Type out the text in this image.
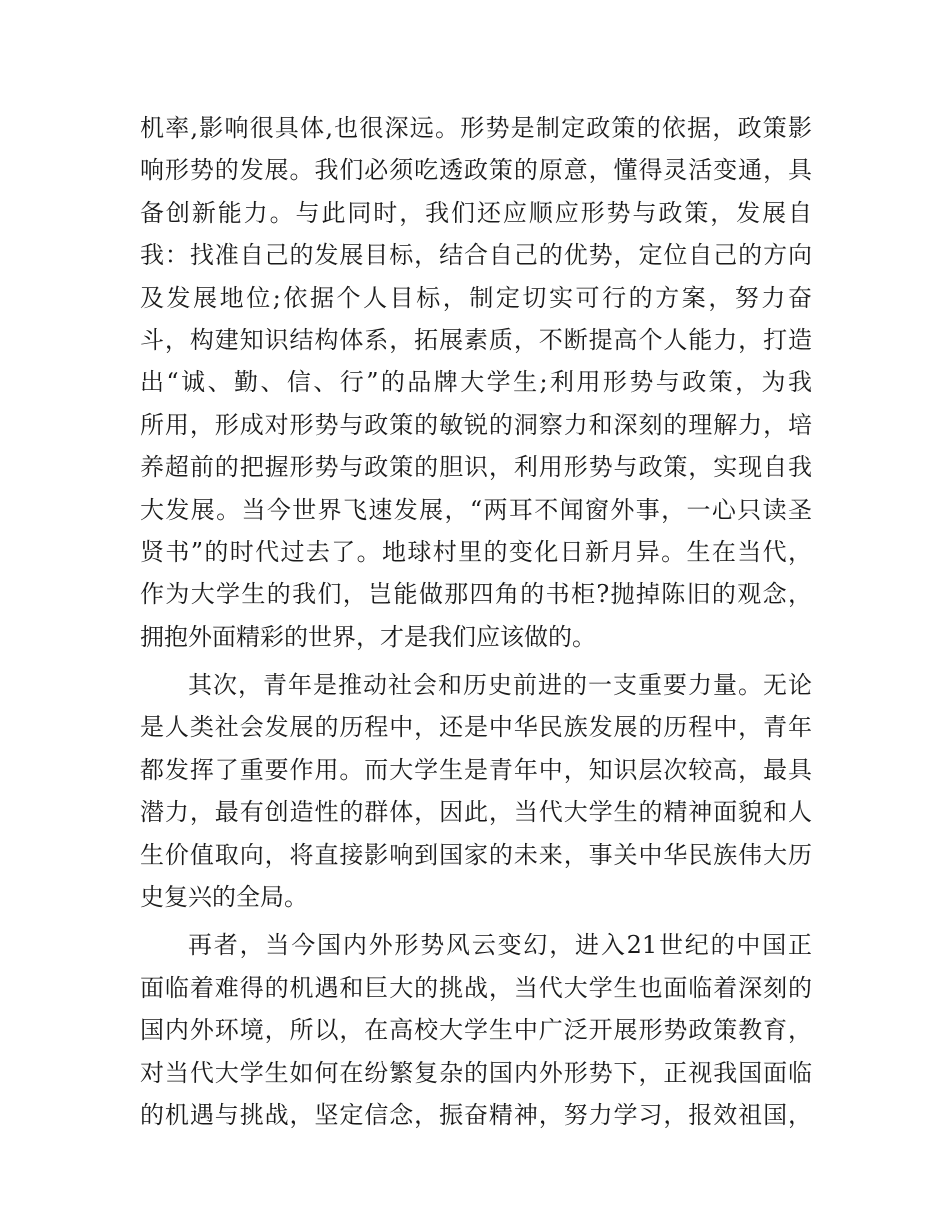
机率,影响很具体,也很深远。形势是制定政策的依据，政策影
响形势的发展。我们必须吃透政策的原意，懂得灵活变通，具
备创新能力。与此同时，我们还应顺应形势与政策，发展自
我：找准自己的发展目标，结合自己的优势，定位自己的方向
及发展地位;依据个人目标，制定切实可行的方案，努力奋
斗，构建知识结构体系，拓展素质，不断提高个人能力，打造
出“诚、勤、信、行”的品牌大学生;利用形势与政策，为我
所用，形成对形势与政策的敏锐的洞察力和深刻的理解力，培
养超前的把握形势与政策的胆识，利用形势与政策，实现自我
大发展。当今世界飞速发展，“两耳不闻窗外事，一心只读圣
贤书”的时代过去了。地球村里的变化日新月异。生在当代，
作为大学生的我们，岂能做那四角的书柜?抛掉陈旧的观念，
拥抱外面精彩的世界，才是我们应该做的。
其次，青年是推动社会和历史前进的一支重要力量。无论
是人类社会发展的历程中，还是中华民族发展的历程中，青年
都发挥了重要作用。而大学生是青年中，知识层次较高，最具
潜力，最有创造性的群体，因此，当代大学生的精神面貌和人
生价值取向，将直接影响到国家的未来，事关中华民族伟大历
史复兴的全局。
再者，当今国内外形势风云变幻，进入21世纪的中国正
面临着难得的机遇和巨大的挑战，当代大学生也面临着深刻的
国内外环境，所以，在高校大学生中广泛开展形势政策教育，
对当代大学生如何在纷繁复杂的国内外形势下，正视我国面临
的机遇与挑战，坚定信念，振奋精神，努力学习，报效祖国，
